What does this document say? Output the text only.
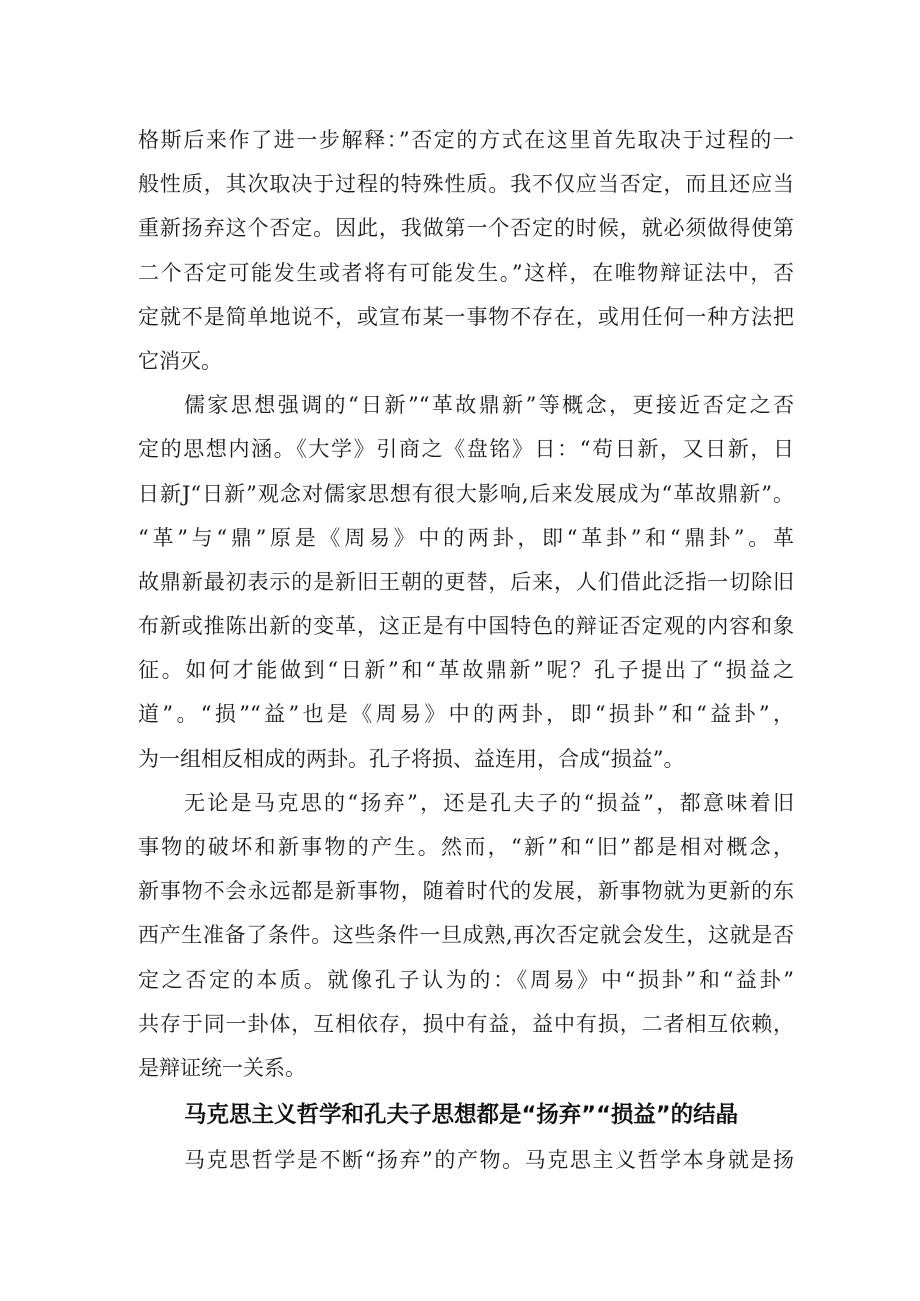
格斯后来作了进一步解释：”否定的方式在这里首先取决于过程的一
般性质，其次取决于过程的特殊性质。我不仅应当否定，而且还应当
重新扬弃这个否定。因此，我做第一个否定的时候，就必须做得使第
二个否定可能发生或者将有可能发生。”这样，在唯物辩证法中，否
定就不是简单地说不，或宣布某一事物不存在，或用任何一种方法把
它消灭。
儒家思想强调的“日新”“革故鼎新”等概念，更接近否定之否
定的思想内涵。《大学》引商之《盘铭》日：“苟日新，又日新，日
日新J“日新”观念对儒家思想有很大影响,后来发展成为“革故鼎新”。
“革”与“鼎”原是《周易》中的两卦，即“革卦”和“鼎卦”。革
故鼎新最初表示的是新旧王朝的更替，后来，人们借此泛指一切除旧
布新或推陈出新的变革，这正是有中国特色的辩证否定观的内容和象
征。如何才能做到“日新”和“革故鼎新”呢？孔子提出了“损益之
道”。“损”“益”也是《周易》中的两卦，即“损卦”和“益卦”，
为一组相反相成的两卦。孔子将损、益连用，合成“损益”。
无论是马克思的“扬弃”，还是孔夫子的“损益”，都意味着旧
事物的破坏和新事物的产生。然而，“新”和“旧”都是相对概念，
新事物不会永远都是新事物，随着时代的发展，新事物就为更新的东
西产生准备了条件。这些条件一旦成熟,再次否定就会发生，这就是否
定之否定的本质。就像孔子认为的：《周易》中“损卦”和“益卦”
共存于同一卦体，互相依存，损中有益，益中有损，二者相互依赖，
是辩证统一关系。
马克思主义哲学和孔夫子思想都是“扬弃”“损益”的结晶
马克思哲学是不断“扬弃”的产物。马克思主义哲学本身就是扬
